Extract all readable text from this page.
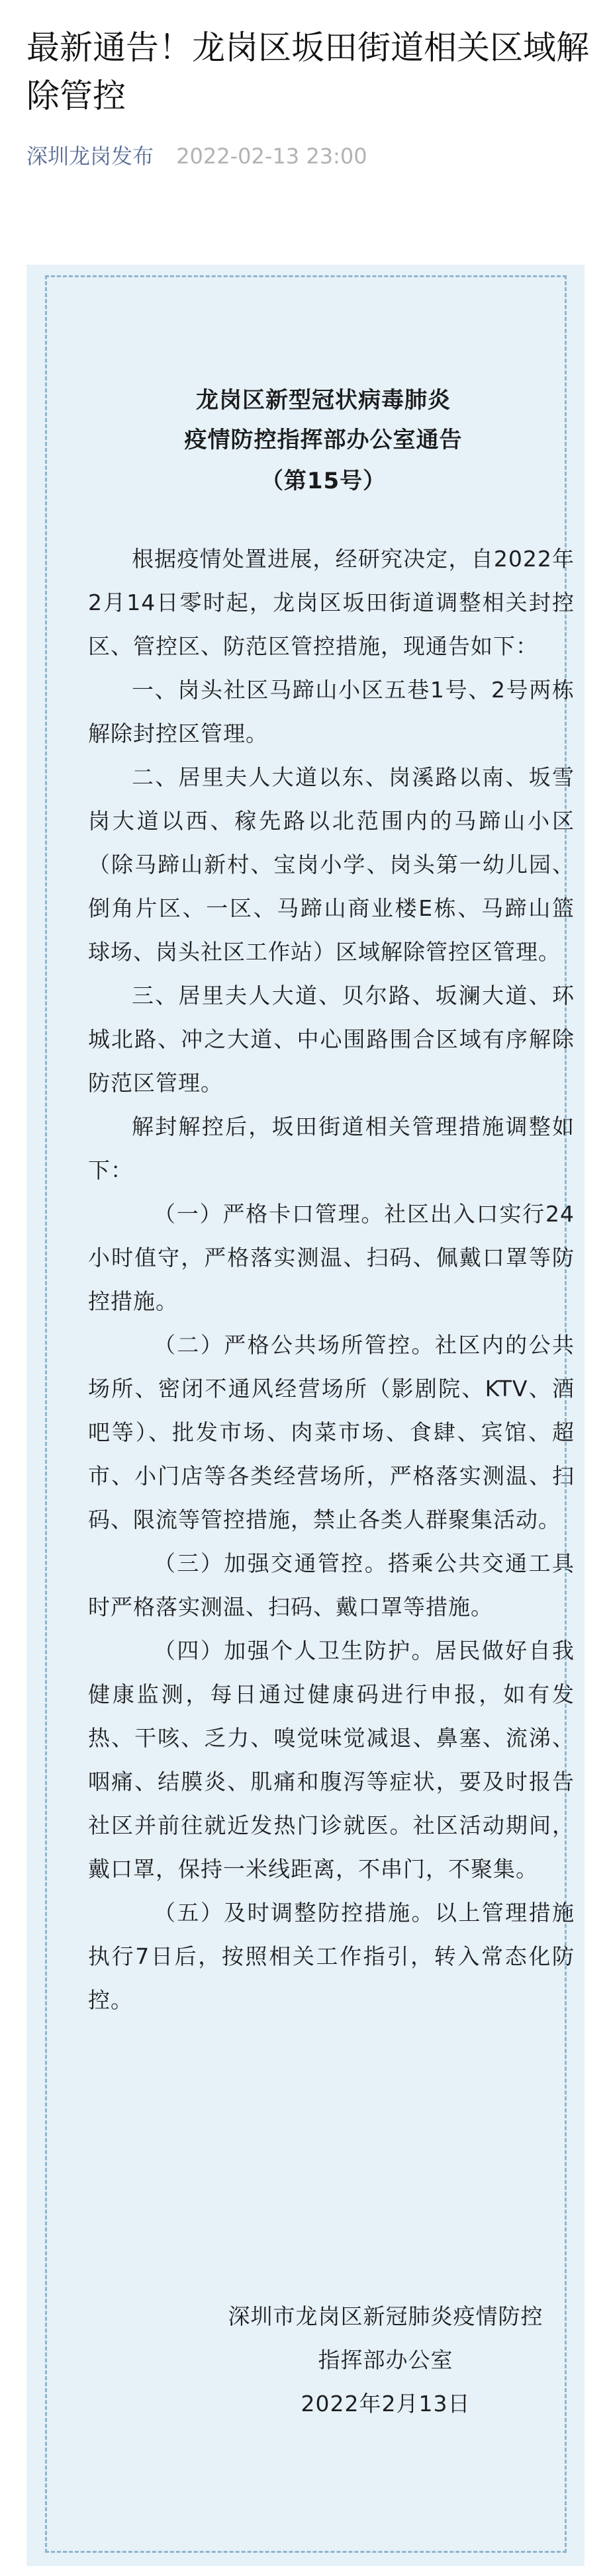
最新通告！龙岗区坂田街道相关区域解除管控
深圳龙岗发布 2022-02-13 23:00
龙岗区新型冠状病毒肺炎
疫情防控指挥部办公室通告
（第15号）

根据疫情处置进展，经研究决定，自2022年2月14日零时起，龙岗区坂田街道调整相关封控区、管控区、防范区管控措施，现通告如下：

一、岗头社区马蹄山小区五巷1号、2号两栋解除封控区管理。

二、居里夫人大道以东、岗溪路以南、坂雪岗大道以西、稼先路以北范围内的马蹄山小区（除马蹄山新村、宝岗小学、岗头第一幼儿园、倒角片区、一区、马蹄山商业楼E栋、马蹄山篮球场、岗头社区工作站）区域解除管控区管理。

三、居里夫人大道、贝尔路、坂澜大道、环城北路、冲之大道、中心围路围合区域有序解除防范区管理。

解封解控后，坂田街道相关管理措施调整如下：

（一）严格卡口管理。社区出入口实行24 小时值守，严格落实测温、扫码、佩戴口罩等防控措施。

（二）严格公共场所管控。社区内的公共场所、密闭不通风经营场所（影剧院、KTV、酒吧等）、批发市场、肉菜市场、食肆、宾馆、超市、小门店等各类经营场所，严格落实测温、扫码、限流等管控措施，禁止各类人群聚集活动。

（三）加强交通管控。搭乘公共交通工具时严格落实测温、扫码、戴口罩等措施。

（四）加强个人卫生防护。居民做好自我健康监测，每日通过健康码进行申报，如有发热、干咳、乏力、嗅觉味觉减退、鼻塞、流涕、咽痛、结膜炎、肌痛和腹泻等症状，要及时报告社区并前往就近发热门诊就医。社区活动期间，戴口罩，保持一米线距离，不串门，不聚集。

（五）及时调整防控措施。以上管理措施执行7日后，按照相关工作指引，转入常态化防控。

深圳市龙岗区新冠肺炎疫情防控
指挥部办公室
2022年2月13日
